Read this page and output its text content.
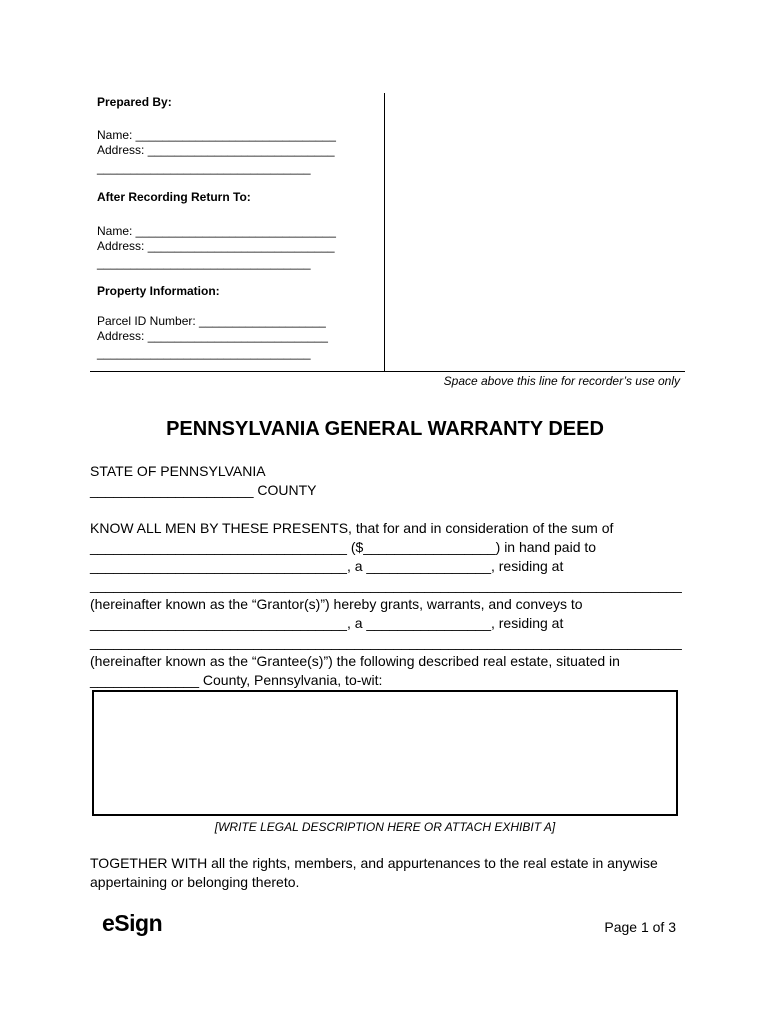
Prepared By:
Name: ______________________________
Address: ____________________________
________________________________
After Recording Return To:
Name: ______________________________
Address: ____________________________
________________________________
Property Information:
Parcel ID Number: ___________________
Address: ___________________________
________________________________
Space above this line for recorder’s use only
PENNSYLVANIA GENERAL WARRANTY DEED
STATE OF PENNSYLVANIA
_____________________ COUNTY
KNOW ALL MEN BY THESE PRESENTS, that for and in consideration of the sum of
_________________________________ ($_________________) in hand paid to
_________________________________, a ________________, residing at
____________________________________________________________________________
(hereinafter known as the “Grantor(s)”) hereby grants, warrants, and conveys to
_________________________________, a ________________, residing at
____________________________________________________________________________
(hereinafter known as the “Grantee(s)”) the following described real estate, situated in
______________ County, Pennsylvania, to-wit:
[WRITE LEGAL DESCRIPTION HERE OR ATTACH EXHIBIT A]
TOGETHER WITH all the rights, members, and appurtenances to the real estate in anywise
appertaining or belonging thereto.
eSign	Page 1 of 3
